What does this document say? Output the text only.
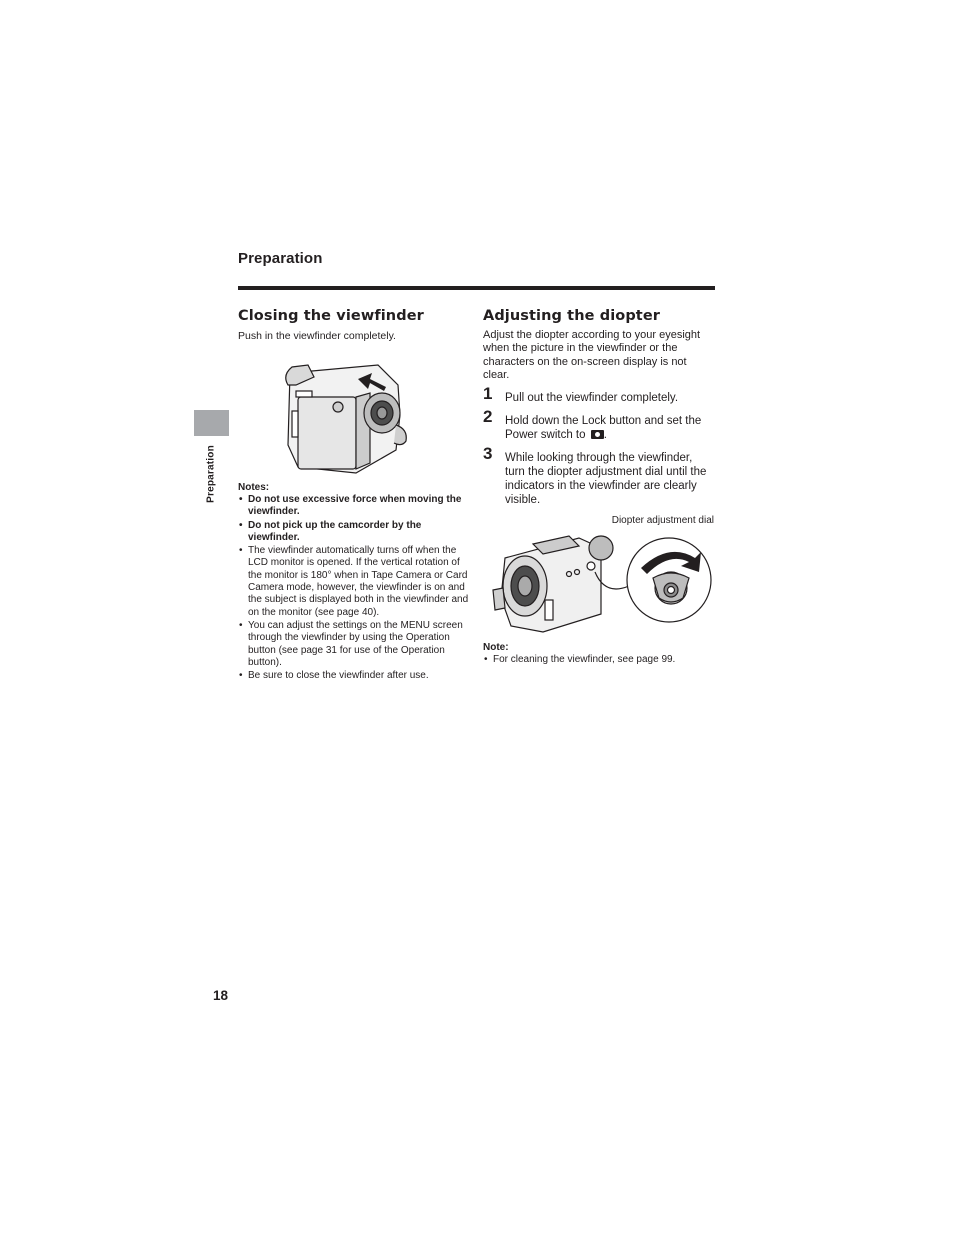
Preparation
Preparation
Closing the viewfinder
Push in the viewfinder completely.
Notes:
• Do not use excessive force when moving the viewfinder.
• Do not pick up the camcorder by the viewfinder.
• The viewfinder automatically turns off when the LCD monitor is opened. If the vertical rotation of the monitor is 180° when in Tape Camera or Card Camera mode, however, the viewfinder is on and the subject is displayed both in the viewfinder and on the monitor (see page 40).
• You can adjust the settings on the MENU screen through the viewfinder by using the Operation button (see page 31 for use of the Operation button).
• Be sure to close the viewfinder after use.
Adjusting the diopter
Adjust the diopter according to your eyesight when the picture in the viewfinder or the characters on the on-screen display is not clear.
1 Pull out the viewfinder completely.
2 Hold down the Lock button and set the Power switch to .
3 While looking through the viewfinder, turn the diopter adjustment dial until the indicators in the viewfinder are clearly visible.
Diopter adjustment dial
Note:
• For cleaning the viewfinder, see page 99.
18
